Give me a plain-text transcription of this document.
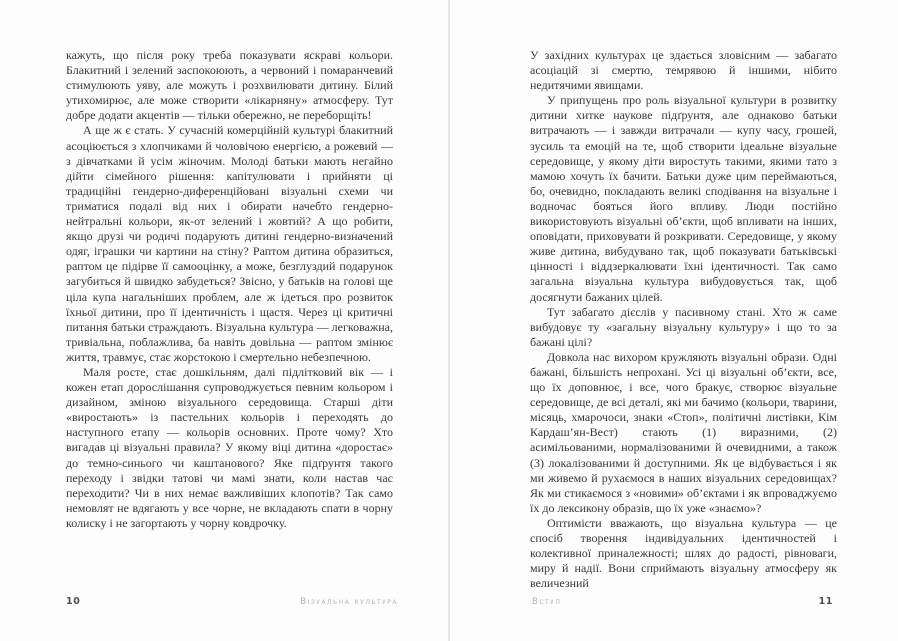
кажуть, що після року треба показувати яскраві кольори. Блакитний і зелений заспокоюють, а червоний і помаранчевий стимулюють уяву, але можуть і розхвилювати дитину. Білий утихомирює, але може створити «лікарняну» атмосферу. Тут добре додати акцентів — тільки обережно, не переборщіть!

А ще ж є стать. У сучасній комерційній культурі блакитний асоціюється з хлопчиками й чоловічою енергією, а рожевий — з дівчатками й усім жіночим. Молоді батьки мають негайно дійти сімейного рішення: капітулювати і прийняти ці традиційні гендерно-диференційовані візуальні схеми чи триматися подалі від них і обирати начебто гендерно-нейтральні кольори, як-от зелений і жовтий? А що робити, якщо друзі чи родичі подарують дитині гендерно-визначений одяг, іграшки чи картини на стіну? Раптом дитина образиться, раптом це підірве її самооцінку, а може, безглуздий подарунок загубиться й швидко забудеться? Звісно, у батьків на голові ще ціла купа нагальніших проблем, але ж ідеться про розвиток їхньої дитини, про її ідентичність і щастя. Через ці критичні питання батьки страждають. Візуальна культура — легковажна, тривіальна, поблажлива, ба навіть довільна — раптом змінює життя, травмує, стає жорстокою і смертельно небезпечною.

Маля росте, стає дошкільням, далі підлітковий вік — і кожен етап дорослішання супроводжується певним кольором і дизайном, зміною візуального середовища. Старші діти «виростають» із пастельних кольорів і переходять до наступного етапу — кольорів основних. Проте чому? Хто вигадав ці візуальні правила? У якому віці дитина «доростає» до темно-синього чи каштанового? Яке підґрунтя такого переходу і звідки татові чи мамі знати, коли настав час переходити? Чи в них немає важливіших клопотів? Так само немовлят не вдягають у все чорне, не вкладають спати в чорну колиску і не загортають у чорну ковдрочку.

10	Візуальна культура

У західних культурах це здається зловісним — забагато асоціацій зі смертю, темрявою й іншими, нібито недитячими явищами.

У припущень про роль візуальної культури в розвитку дитини хитке наукове підґрунтя, але однаково батьки витрачають — і завжди витрачали — купу часу, грошей, зусиль та емоцій на те, щоб створити ідеальне візуальне середовище, у якому діти виростуть такими, якими тато з мамою хочуть їх бачити. Батьки дуже цим переймаються, бо, очевидно, покладають великі сподівання на візуальне і водночас бояться його впливу. Люди постійно використовують візуальні об’єкти, щоб впливати на інших, оповідати, приховувати й розкривати. Середовище, у якому живе дитина, вибудувано так, щоб показувати батьківські цінності і віддзеркалювати їхні ідентичності. Так само загальна візуальна культура вибудовується так, щоб досягнути бажаних цілей.

Тут забагато дієслів у пасивному стані. Хто ж саме вибудовує ту «загальну візуальну культуру» і що то за бажані цілі?

Довкола нас вихором кружляють візуальні образи. Одні бажані, більшість непрохані. Усі ці візуальні об’єкти, все, що їх доповнює, і все, чого бракує, створює візуальне середовище, де всі деталі, які ми бачимо (кольори, тварини, місяць, хмарочоси, знаки «Стоп», політичні листівки, Кім Кардаш’ян-Вест) стають (1) виразними, (2) асимільованими, нормалізованими й очевидними, а також (3) локалізованими й доступними. Як це відбувається і як ми живемо й рухаємося в наших візуальних середовищах? Як ми стикаємося з «новими» об’єктами і як впроваджуємо їх до лексикону образів, що їх уже «знаємо»?

Оптимісти вважають, що візуальна культура — це спосіб творення індивідуальних ідентичностей і колективної приналежності; шлях до радості, рівноваги, миру й надії. Вони сприймають візуальну атмосферу як величезний

Вступ	11
